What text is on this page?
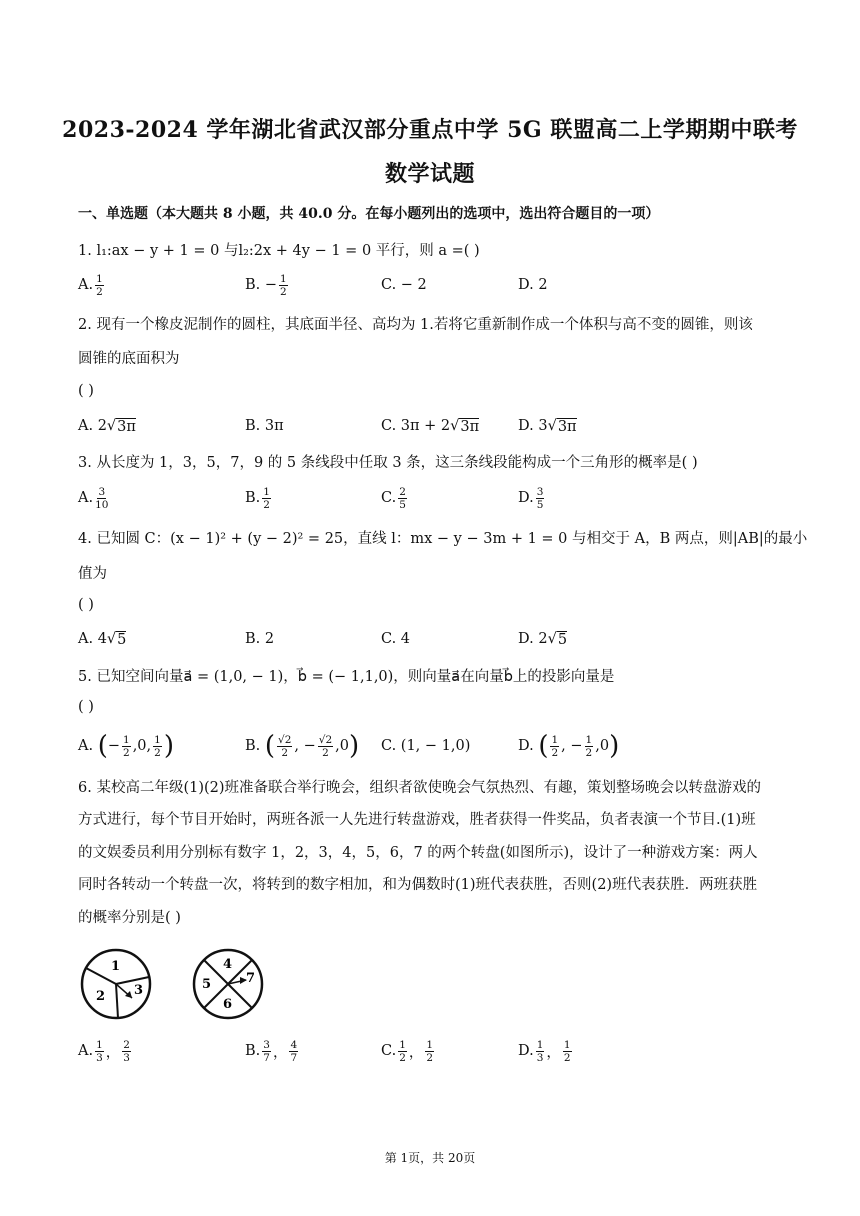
2023-2024 学年湖北省武汉部分重点中学 5G 联盟高二上学期期中联考
数学试题
一、单选题（本大题共 8 小题，共 40.0 分。在每小题列出的选项中，选出符合题目的一项）
1. l₁:ax − y + 1 = 0 与l₂:2x + 4y − 1 = 0 平行，则 a =( )
A. $\frac{1}{2}$	B. − $\frac{1}{2}$	C. − 2	D. 2
2. 现有一个橡皮泥制作的圆柱，其底面半径、高均为 1.若将它重新制作成一个体积与高不变的圆锥，则该
圆锥的底面积为
( )
A. 2 √ 3π	B. 3π	C. 3π + 2 √ 3π	D. 3 √ 3π
3. 从长度为 1，3，5，7，9 的 5 条线段中任取 3 条，这三条线段能构成一个三角形的概率是( )
A. $\frac{3}{10}$	B. $\frac{1}{2}$	C. $\frac{2}{5}$	D. $\frac{3}{5}$
4. 已知圆 C：(x − 1)² + (y − 2)² = 25，直线 l：mx − y − 3m + 1 = 0 与相交于 A，B 两点，则|AB|的最小
值为
( )
A. 4 √ 5	B. 2	C. 4	D. 2 √ 5
5. 已知空间向量a⃗ = (1,0, − 1)，b⃗ = (− 1,1,0)，则向量a⃗在向量b⃗上的投影向量是
( )
A.
( − $\frac{1}{2} ,0$, $\frac{1}{2}$ )	B.
( $\frac{√2}{2}$ , − $\frac{√2}{2} ,0$ ) C. (1, − 1,0)	D.
( $\frac{1}{2}$ , − $\frac{1}{2} ,0$ )
6. 某校高二年级(1)(2)班准备联合举行晚会，组织者欲使晚会气氛热烈、有趣，策划整场晚会以转盘游戏的
方式进行，每个节目开始时，两班各派一人先进行转盘游戏，胜者获得一件奖品，负者表演一个节目.(1)班
的文娱委员利用分别标有数字 1，2，3，4，5，6，7 的两个转盘(如图所示)，设计了一种游戏方案：两人
同时各转动一个转盘一次，将转到的数字相加，和为偶数时(1)班代表获胜，否则(2)班代表获胜．两班获胜
的概率分别是( )
1
2 3
4
5
6
7
A. $\frac{1}{3}$ ， $\frac{2}{3}$	B. $\frac{3}{7}$ ， $\frac{4}{7}$	C. $\frac{1}{2}$ ， $\frac{1}{2}$	D. $\frac{1}{3}$ ， $\frac{1}{2}$
第 1页，共 20页
